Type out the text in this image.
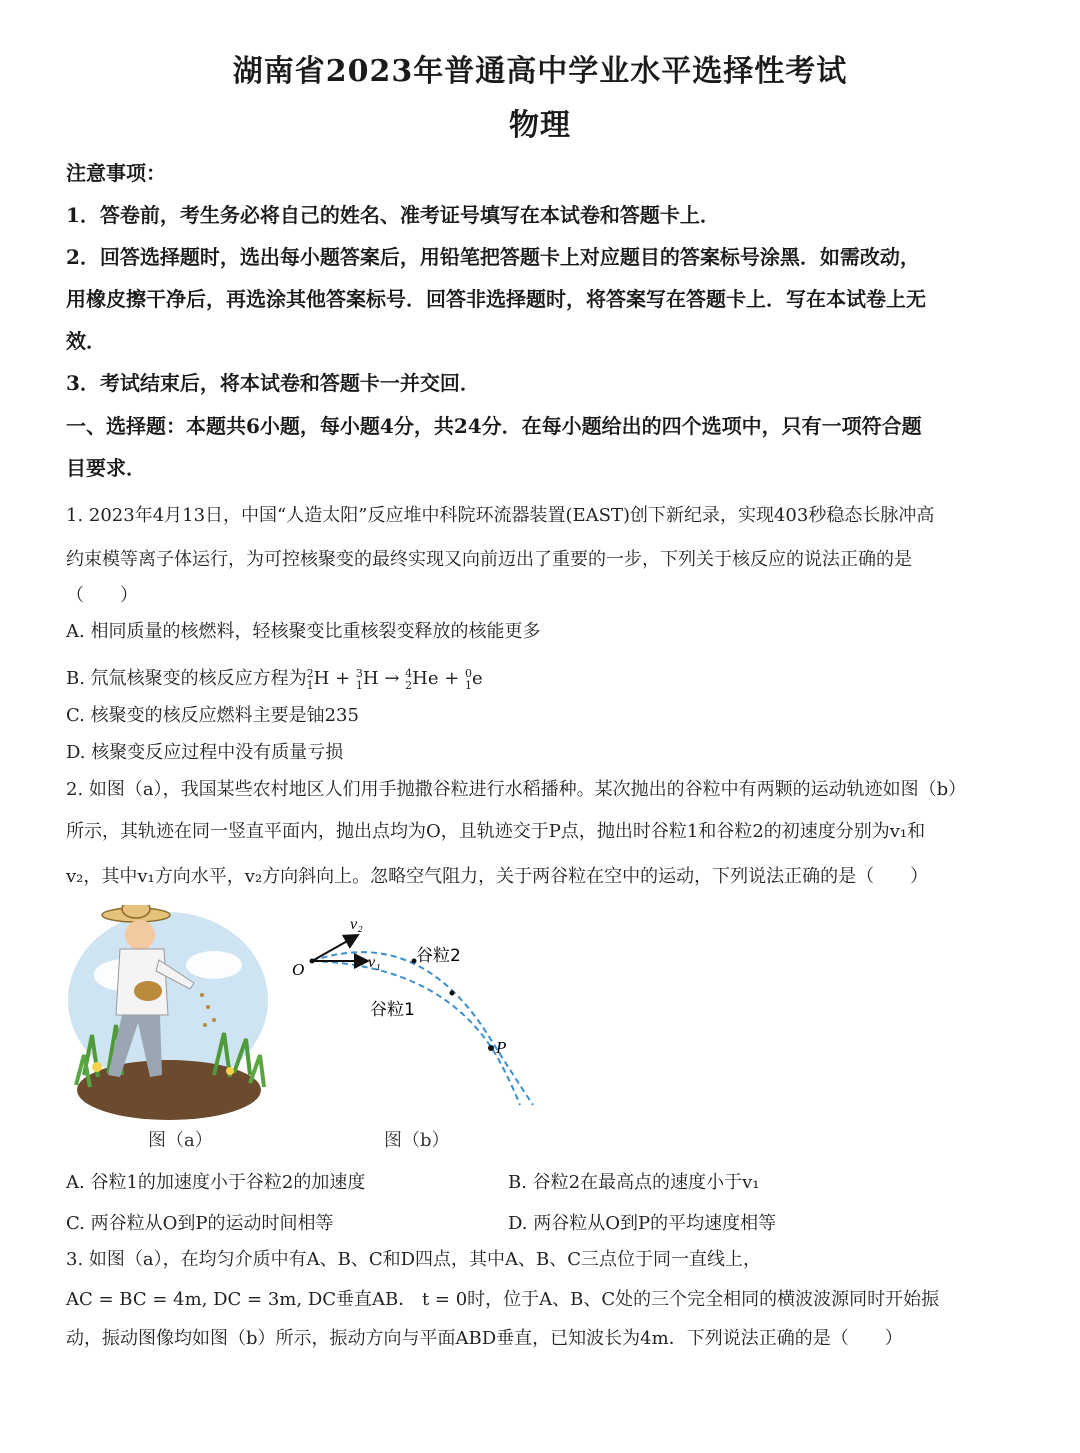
湖南省2023年普通高中学业水平选择性考试
物理
注意事项：
1．答卷前，考生务必将自己的姓名、准考证号填写在本试卷和答题卡上．
2．回答选择题时，选出每小题答案后，用铅笔把答题卡上对应题目的答案标号涂黑．如需改动，
用橡皮擦干净后，再选涂其他答案标号．回答非选择题时，将答案写在答题卡上．写在本试卷上无
效．
3．考试结束后，将本试卷和答题卡一并交回．
一、选择题：本题共6小题，每小题4分，共24分．在每小题给出的四个选项中，只有一项符合题
目要求．
1. 2023年4月13日，中国“人造太阳”反应堆中科院环流器装置(EAST)创下新纪录，实现403秒稳态长脉冲高
约束模等离子体运行，为可控核聚变的最终实现又向前迈出了重要的一步，下列关于核反应的说法正确的是
（　　）
A. 相同质量的核燃料，轻核聚变比重核裂变释放的核能更多
B. 氘氚核聚变的核反应方程为$^2_1$H + $^3_1$H → $^4_2$He + $^0_1$e
C. 核聚变的核反应燃料主要是铀235
D. 核聚变反应过程中没有质量亏损
2. 如图（a），我国某些农村地区人们用手抛撒谷粒进行水稻播种。某次抛出的谷粒中有两颗的运动轨迹如图（b）
所示，其轨迹在同一竖直平面内，抛出点均为O，且轨迹交于P点，抛出时谷粒1和谷粒2的初速度分别为v₁和
v₂，其中v₁方向水平，v₂方向斜向上。忽略空气阻力，关于两谷粒在空中的运动，下列说法正确的是（　　）
图（a）
O
v₂
v₁ 谷粒2
谷粒1
P
图（b）
A. 谷粒1的加速度小于谷粒2的加速度	B. 谷粒2在最高点的速度小于v₁
C. 两谷粒从O到P的运动时间相等	D. 两谷粒从O到P的平均速度相等
3. 如图（a），在均匀介质中有A、B、C和D四点，其中A、B、C三点位于同一直线上，
AC = BC = 4m, DC = 3m, DC垂直AB． t = 0时，位于A、B、C处的三个完全相同的横波波源同时开始振
动，振动图像均如图（b）所示，振动方向与平面ABD垂直，已知波长为4m．下列说法正确的是（　　）
